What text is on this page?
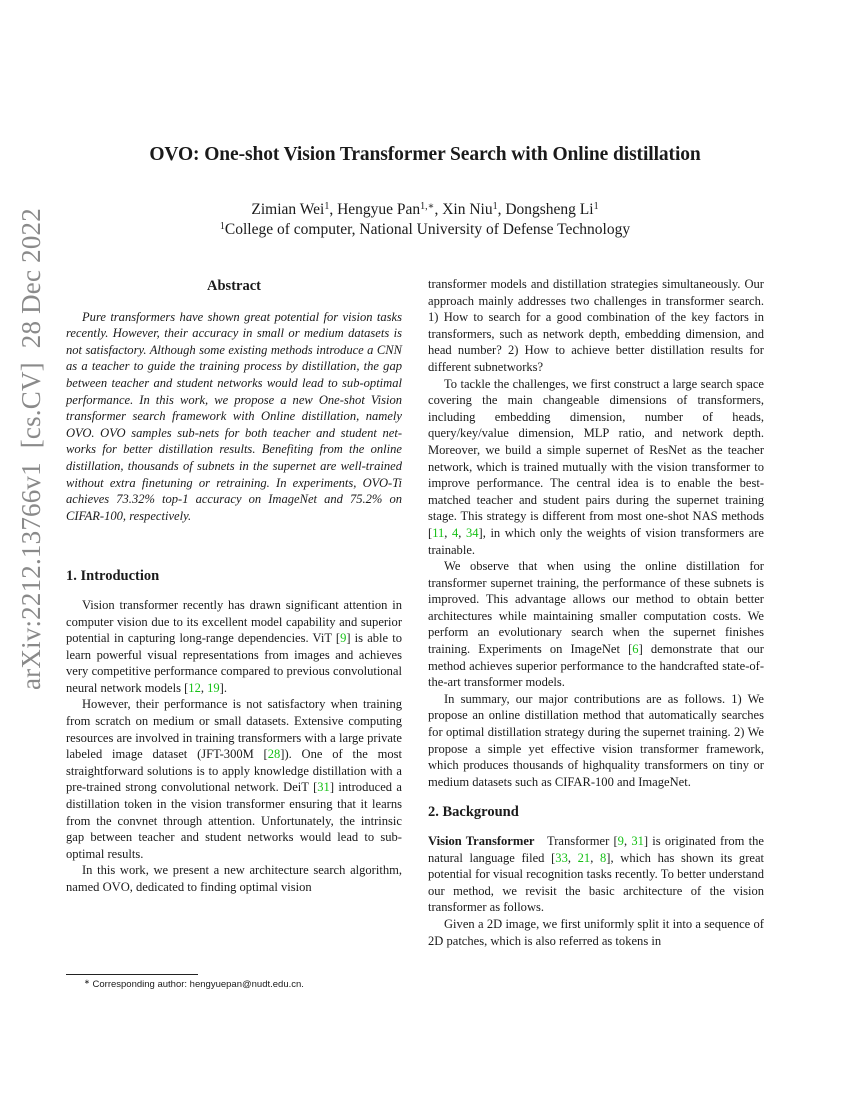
OVO: One-shot Vision Transformer Search with Online distillation
Zimian Wei$^1$, Hengyue Pan$^{1,∗}$, Xin Niu$^1$, Dongsheng Li$^1$
$^1$College of computer, National University of Defense Technology
arXiv:2212.13766v1  [cs.CV]  28 Dec 2022	Abstract

Pure transformers have shown great potential for vision tasks recently. However, their accuracy in small or medium datasets is not satisfactory. Although some existing methods introduce a CNN as a teacher to guide the training process by distillation, the gap between teacher and student networks would lead to sub-optimal performance. In this work, we propose a new One-shot Vision transformer search framework with Online distillation, namely OVO. OVO samples sub-nets for both teacher and student networks for better distillation results. Benefiting from the online distillation, thousands of subnets in the supernet are well-trained without extra finetuning or retraining. In experiments, OVO-Ti achieves 73.32% top-1 accuracy on ImageNet and 75.2% on CIFAR-100, respectively.

1. Introduction

Vision transformer recently has drawn significant attention in computer vision due to its excellent model capability and superior potential in capturing long-range dependencies. ViT [9] is able to learn powerful visual representations from images and achieves very competitive performance compared to previous convolutional neural network models [12, 19].

However, their performance is not satisfactory when training from scratch on medium or small datasets. Extensive computing resources are involved in training transformers with a large private labeled image dataset (JFT-300M [28]). One of the most straightforward solutions is to apply knowledge distillation with a pre-trained strong convolutional network. DeiT [31] introduced a distillation token in the vision transformer ensuring that it learns from the convnet through attention. Unfortunately, the intrinsic gap between teacher and student networks would lead to sub-optimal results.

In this work, we present a new architecture search algorithm, named OVO, dedicated to finding optimal vision

transformer models and distillation strategies simultaneously. Our approach mainly addresses two challenges in transformer search. 1) How to search for a good combination of the key factors in transformers, such as network depth, embedding dimension, and head number? 2) How to achieve better distillation results for different subnetworks?

To tackle the challenges, we first construct a large search space covering the main changeable dimensions of transformers, including embedding dimension, number of heads, query/key/value dimension, MLP ratio, and network depth. Moreover, we build a simple supernet of ResNet as the teacher network, which is trained mutually with the vision transformer to improve performance. The central idea is to enable the best-matched teacher and student pairs during the supernet training stage. This strategy is different from most one-shot NAS methods [11, 4, 34], in which only the weights of vision transformers are trainable.

We observe that when using the online distillation for transformer supernet training, the performance of these subnets is improved. This advantage allows our method to obtain better architectures while maintaining smaller computation costs. We perform an evolutionary search when the supernet finishes training. Experiments on ImageNet [6] demonstrate that our method achieves superior performance to the handcrafted state-of-the-art transformer models.

In summary, our major contributions are as follows. 1) We propose an online distillation method that automatically searches for optimal distillation strategy during the supernet training. 2) We propose a simple yet effective vision transformer framework, which produces thousands of highquality transformers on tiny or medium datasets such as CIFAR-100 and ImageNet.

2. Background

Vision Transformer Transformer [9, 31] is originated from the natural language filed [33, 21, 8], which has shown its great potential for visual recognition tasks recently. To better understand our method, we revisit the basic architecture of the vision transformer as follows.

Given a 2D image, we first uniformly split it into a sequence of 2D patches, which is also referred as tokens in

∗ Corresponding author: hengyuepan@nudt.edu.cn.
